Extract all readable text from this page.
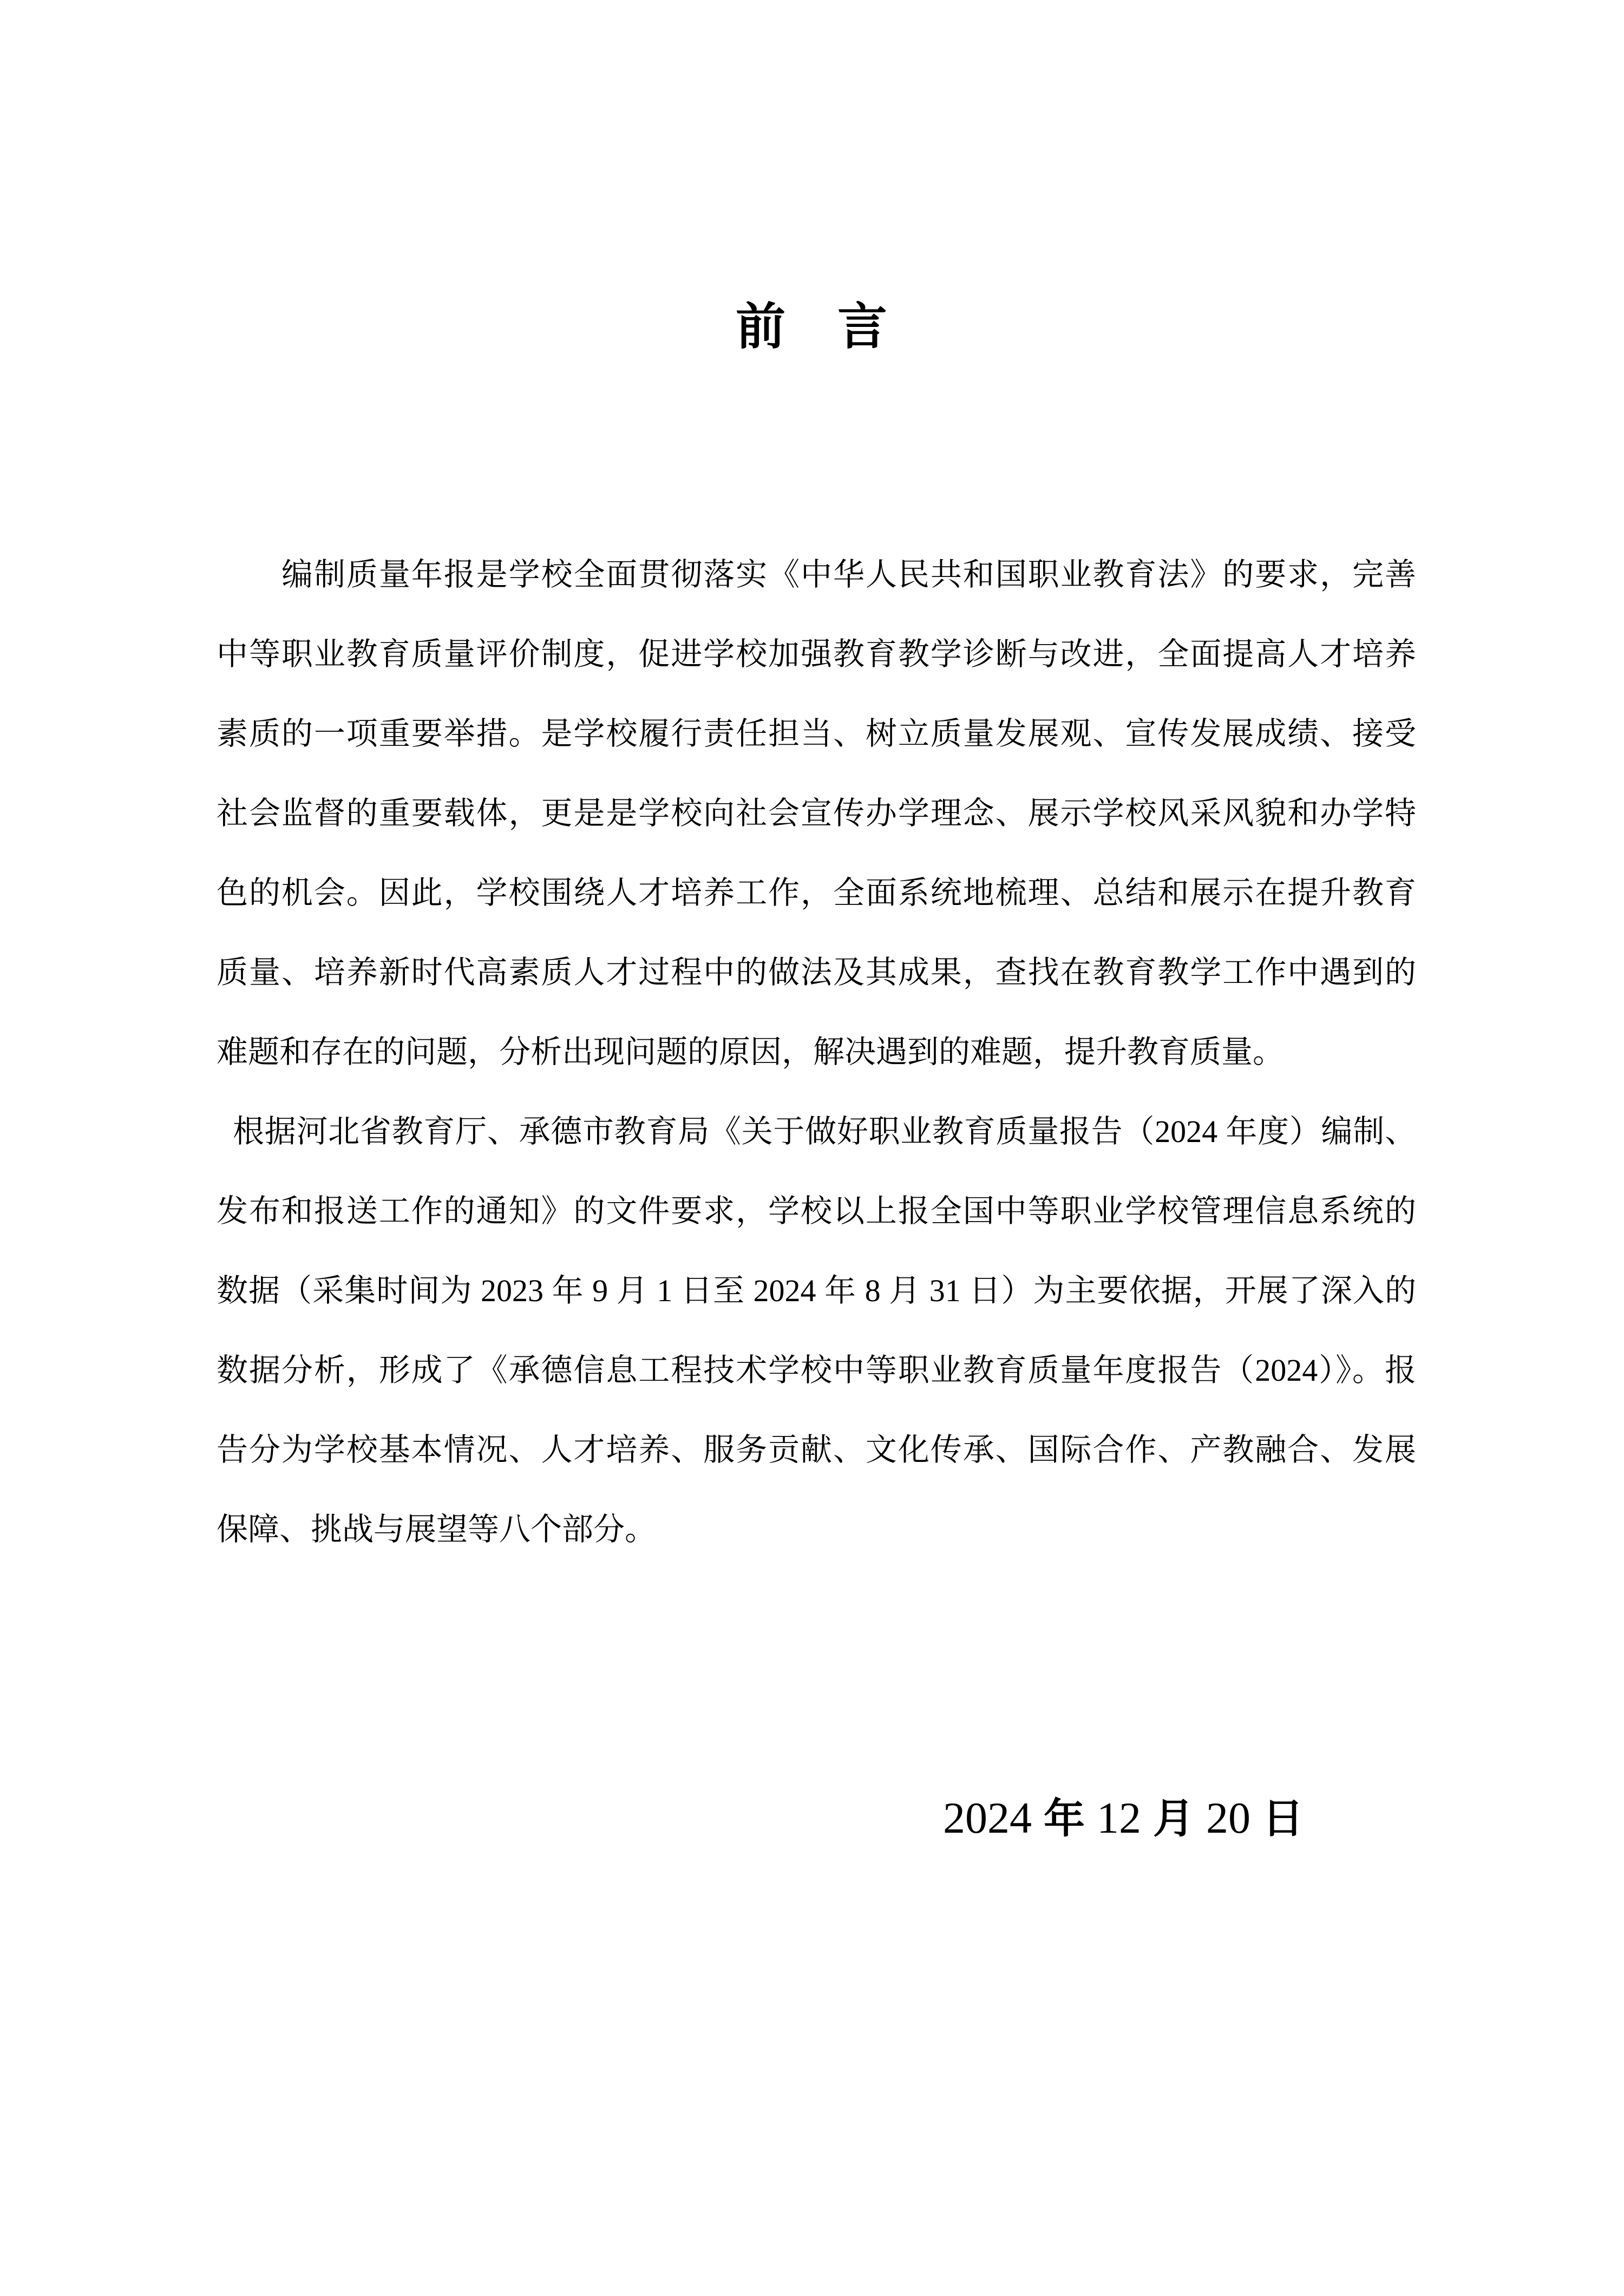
前　言
编制质量年报是学校全面贯彻落实《中华人民共和国职业教育法》的要求，完善
中等职业教育质量评价制度，促进学校加强教育教学诊断与改进，全面提高人才培养
素质的一项重要举措。是学校履行责任担当、树立质量发展观、宣传发展成绩、接受
社会监督的重要载体，更是是学校向社会宣传办学理念、展示学校风采风貌和办学特
色的机会。因此，学校围绕人才培养工作，全面系统地梳理、总结和展示在提升教育
质量、培养新时代高素质人才过程中的做法及其成果，查找在教育教学工作中遇到的
难题和存在的问题，分析出现问题的原因，解决遇到的难题，提升教育质量。
根据河北省教育厅、承德市教育局《关于做好职业教育质量报告（2024 年度）编制、
发布和报送工作的通知》的文件要求，学校以上报全国中等职业学校管理信息系统的
数据（采集时间为 2023 年 9 月 1 日至 2024 年 8 月 31 日）为主要依据，开展了深入的
数据分析，形成了《承德信息工程技术学校中等职业教育质量年度报告（2024）》。报
告分为学校基本情况、人才培养、服务贡献、文化传承、国际合作、产教融合、发展
保障、挑战与展望等八个部分。
2024 年 12 月 20 日
